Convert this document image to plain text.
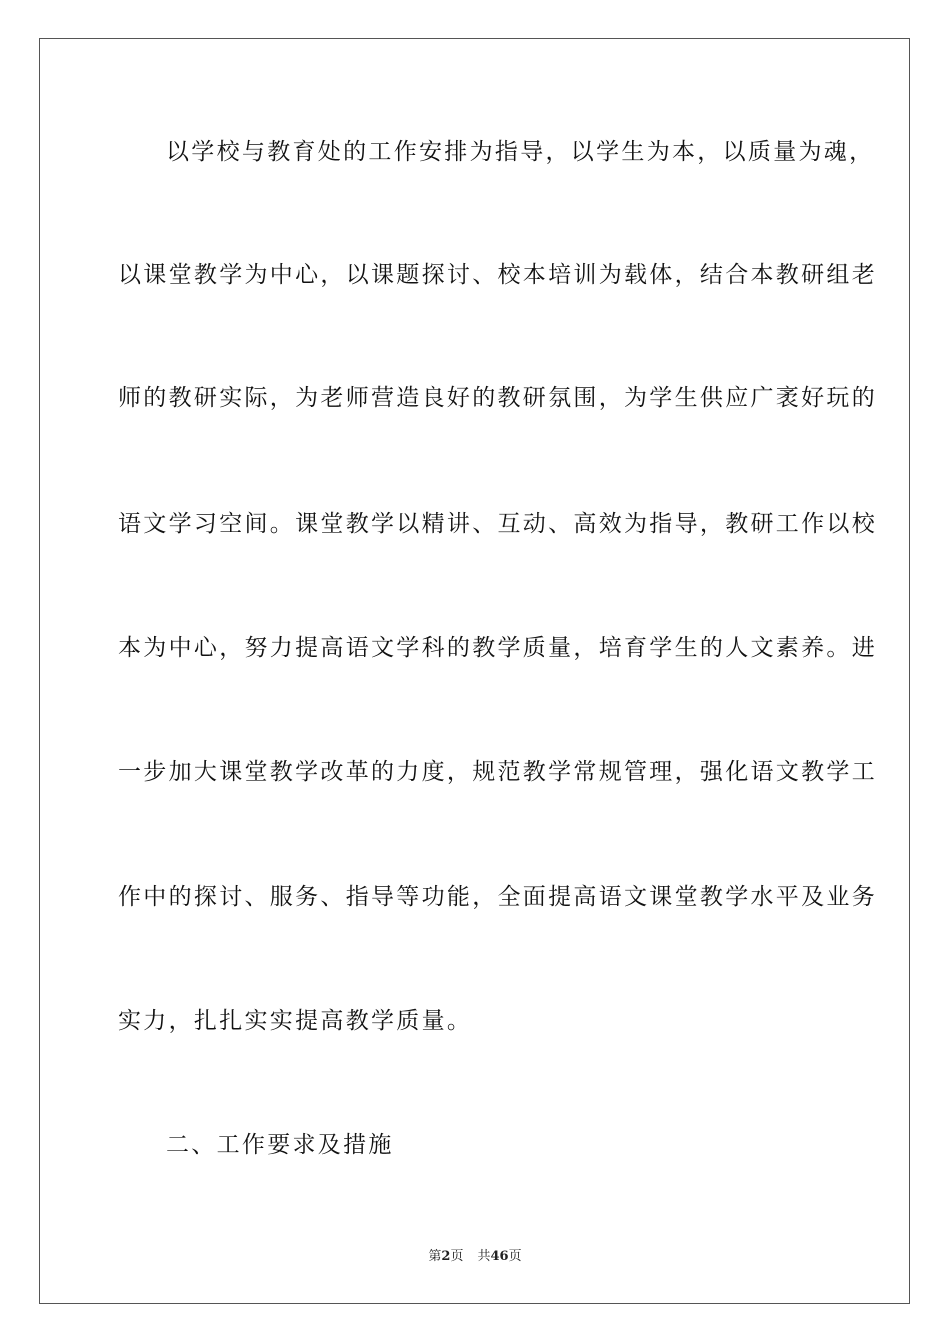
以学校与教育处的工作安排为指导，以学生为本，以质量为魂，
以课堂教学为中心，以课题探讨、校本培训为载体，结合本教研组老
师的教研实际，为老师营造良好的教研氛围，为学生供应广袤好玩的
语文学习空间。课堂教学以精讲、互动、高效为指导，教研工作以校
本为中心，努力提高语文学科的教学质量，培育学生的人文素养。进
一步加大课堂教学改革的力度，规范教学常规管理，强化语文教学工
作中的探讨、服务、指导等功能，全面提高语文课堂教学水平及业务
实力，扎扎实实提高教学质量。
二、工作要求及措施
第2页 共46页
